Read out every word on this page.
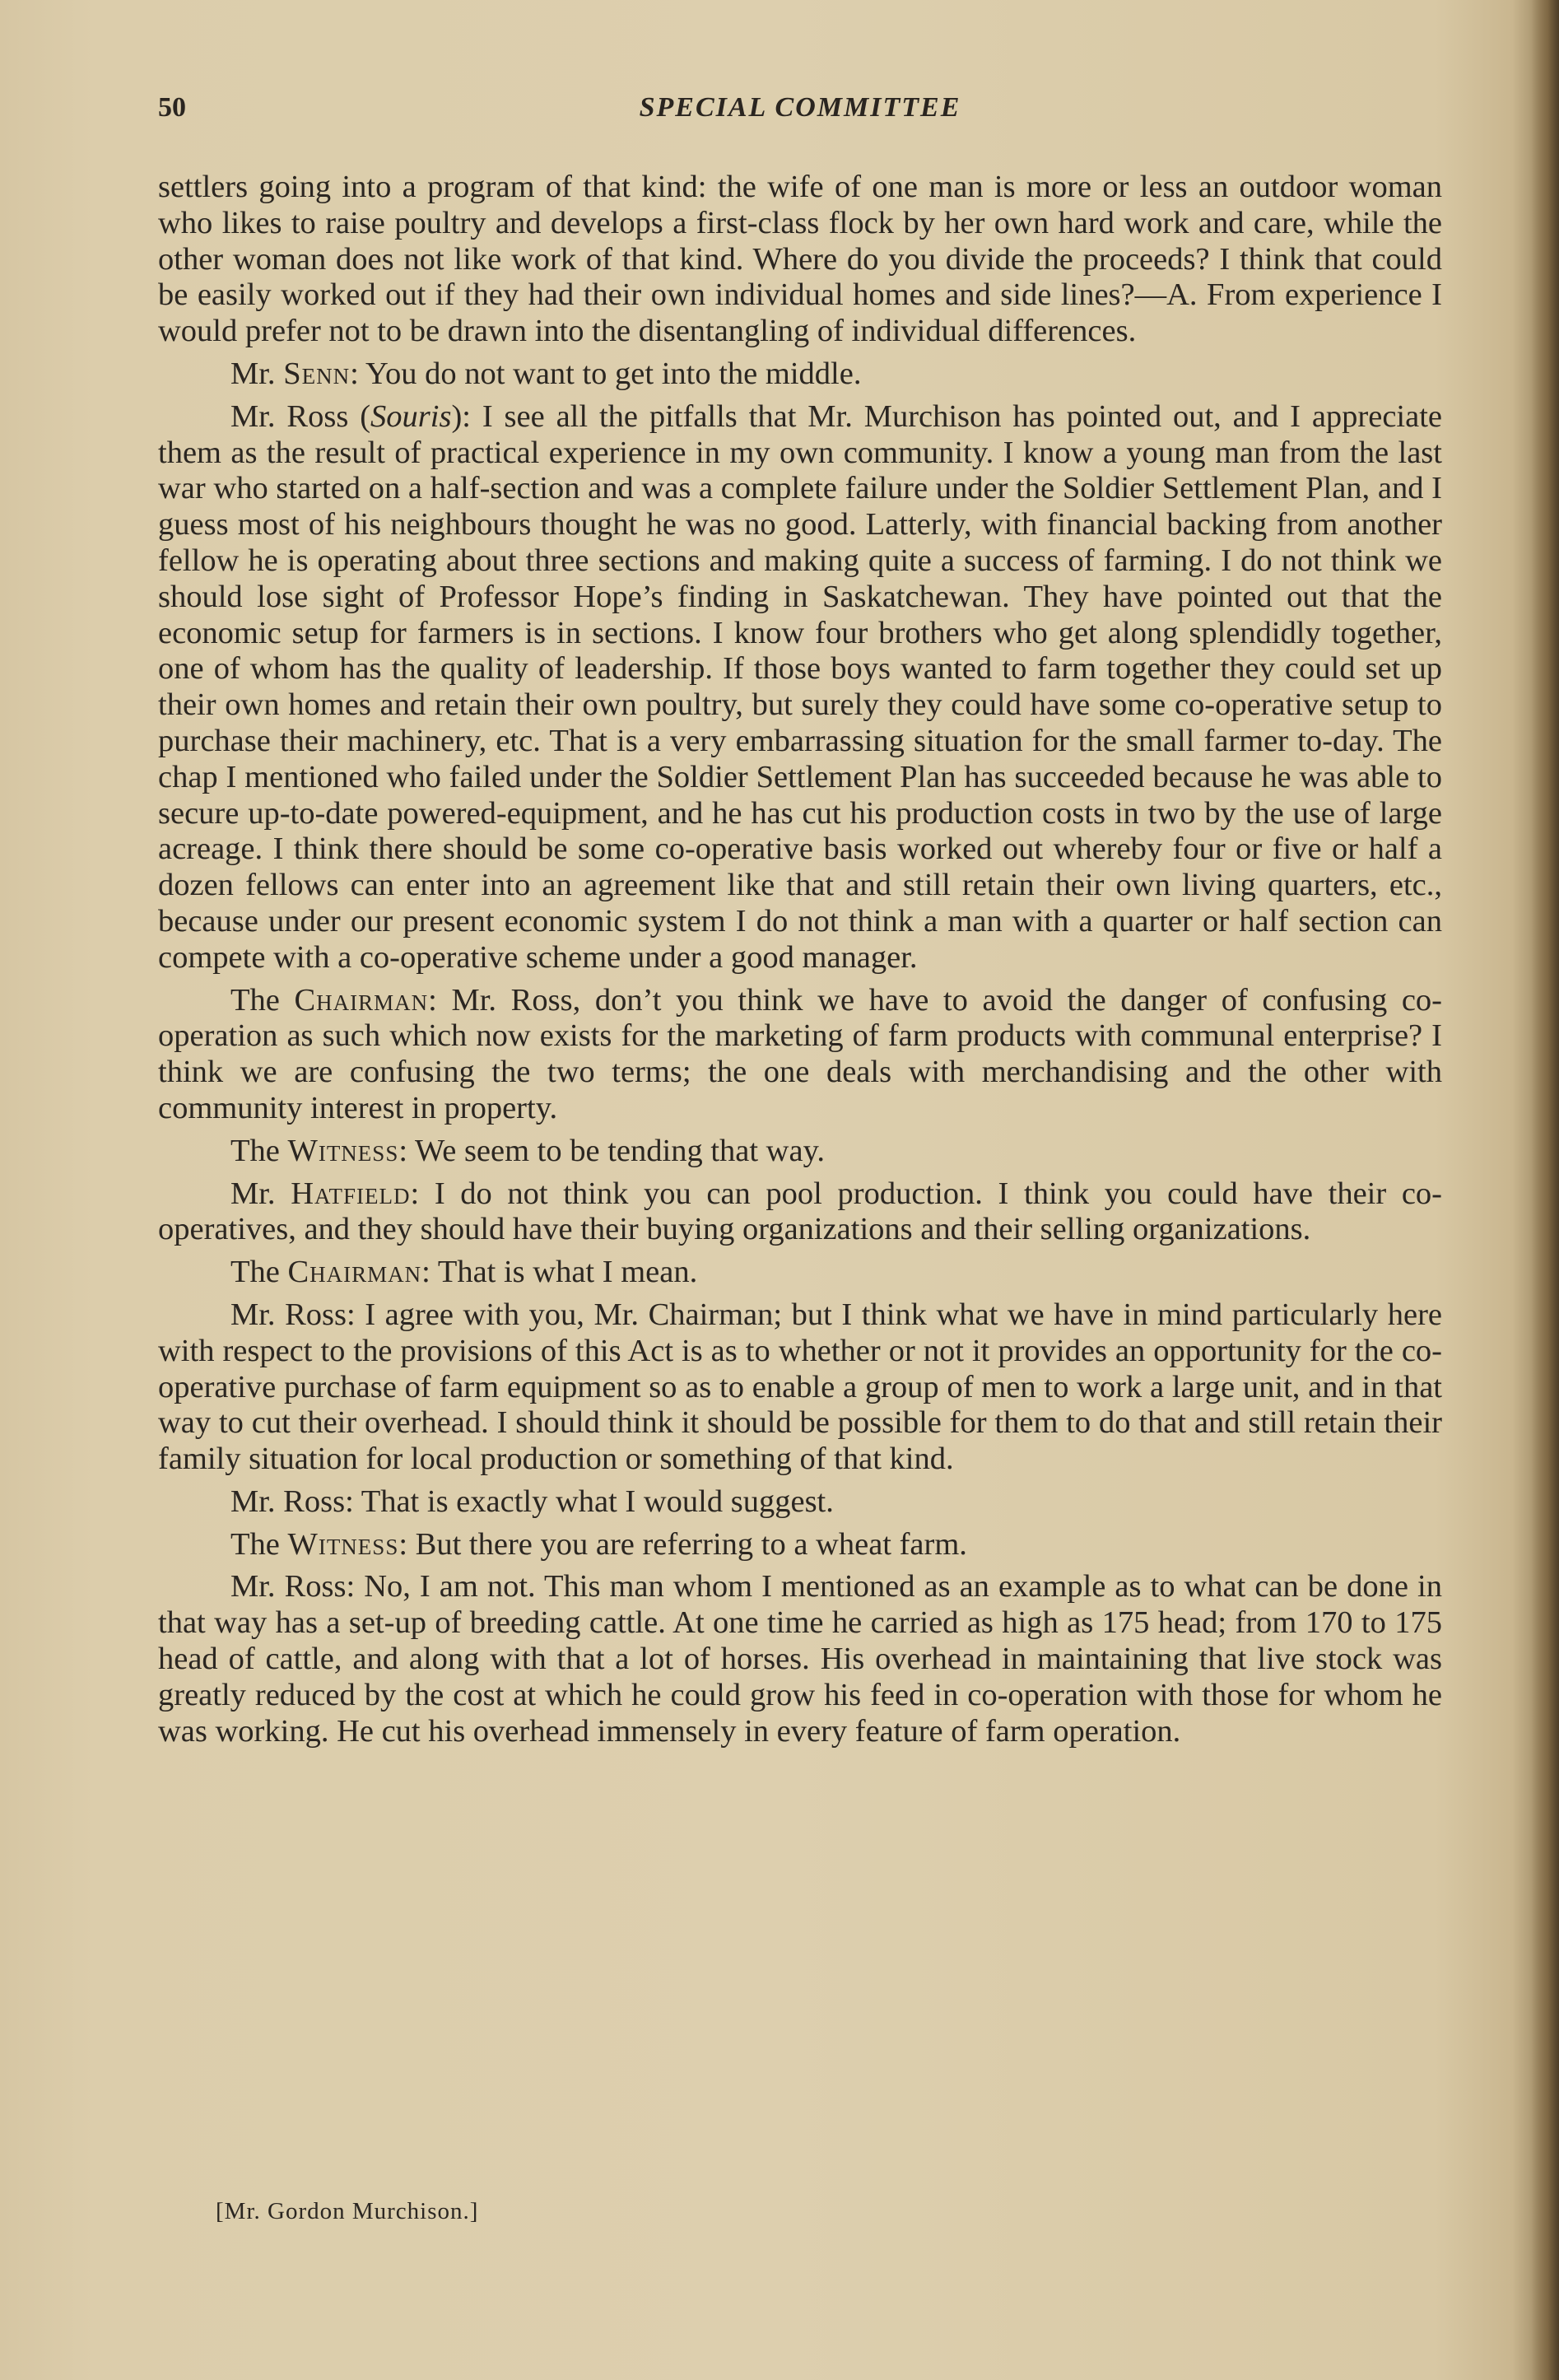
50	SPECIAL COMMITTEE

settlers going into a program of that kind: the wife of one man is more or less an outdoor woman who likes to raise poultry and develops a first-class flock by her own hard work and care, while the other woman does not like work of that kind. Where do you divide the proceeds? I think that could be easily worked out if they had their own individual homes and side lines?—A. From experience I would prefer not to be drawn into the disentangling of individual differences.

Mr. Senn: You do not want to get into the middle.

Mr. Ross (Souris): I see all the pitfalls that Mr. Murchison has pointed out, and I appreciate them as the result of practical experience in my own community. I know a young man from the last war who started on a half-section and was a complete failure under the Soldier Settlement Plan, and I guess most of his neighbours thought he was no good. Latterly, with financial backing from another fellow he is operating about three sections and making quite a success of farming. I do not think we should lose sight of Professor Hope’s finding in Saskatchewan. They have pointed out that the economic setup for farmers is in sections. I know four brothers who get along splendidly together, one of whom has the quality of leadership. If those boys wanted to farm together they could set up their own homes and retain their own poultry, but surely they could have some co-operative setup to purchase their machinery, etc. That is a very embarrassing situation for the small farmer to-day. The chap I mentioned who failed under the Soldier Settlement Plan has succeeded because he was able to secure up-to-date powered-equipment, and he has cut his production costs in two by the use of large acreage. I think there should be some co-operative basis worked out whereby four or five or half a dozen fellows can enter into an agreement like that and still retain their own living quarters, etc., because under our present economic system I do not think a man with a quarter or half section can compete with a co-operative scheme under a good manager.

The Chairman: Mr. Ross, don’t you think we have to avoid the danger of confusing co-operation as such which now exists for the marketing of farm products with communal enterprise? I think we are confusing the two terms; the one deals with merchandising and the other with community interest in property.

The Witness: We seem to be tending that way.

Mr. Hatfield: I do not think you can pool production. I think you could have their co-operatives, and they should have their buying organizations and their selling organizations.

The Chairman: That is what I mean.

Mr. Ross: I agree with you, Mr. Chairman; but I think what we have in mind particularly here with respect to the provisions of this Act is as to whether or not it provides an opportunity for the co-operative purchase of farm equipment so as to enable a group of men to work a large unit, and in that way to cut their overhead. I should think it should be possible for them to do that and still retain their family situation for local production or something of that kind.

Mr. Ross: That is exactly what I would suggest.

The Witness: But there you are referring to a wheat farm.

Mr. Ross: No, I am not. This man whom I mentioned as an example as to what can be done in that way has a set-up of breeding cattle. At one time he carried as high as 175 head; from 170 to 175 head of cattle, and along with that a lot of horses. His overhead in maintaining that live stock was greatly reduced by the cost at which he could grow his feed in co-operation with those for whom he was working. He cut his overhead immensely in every feature of farm operation.

[Mr. Gordon Murchison.]
